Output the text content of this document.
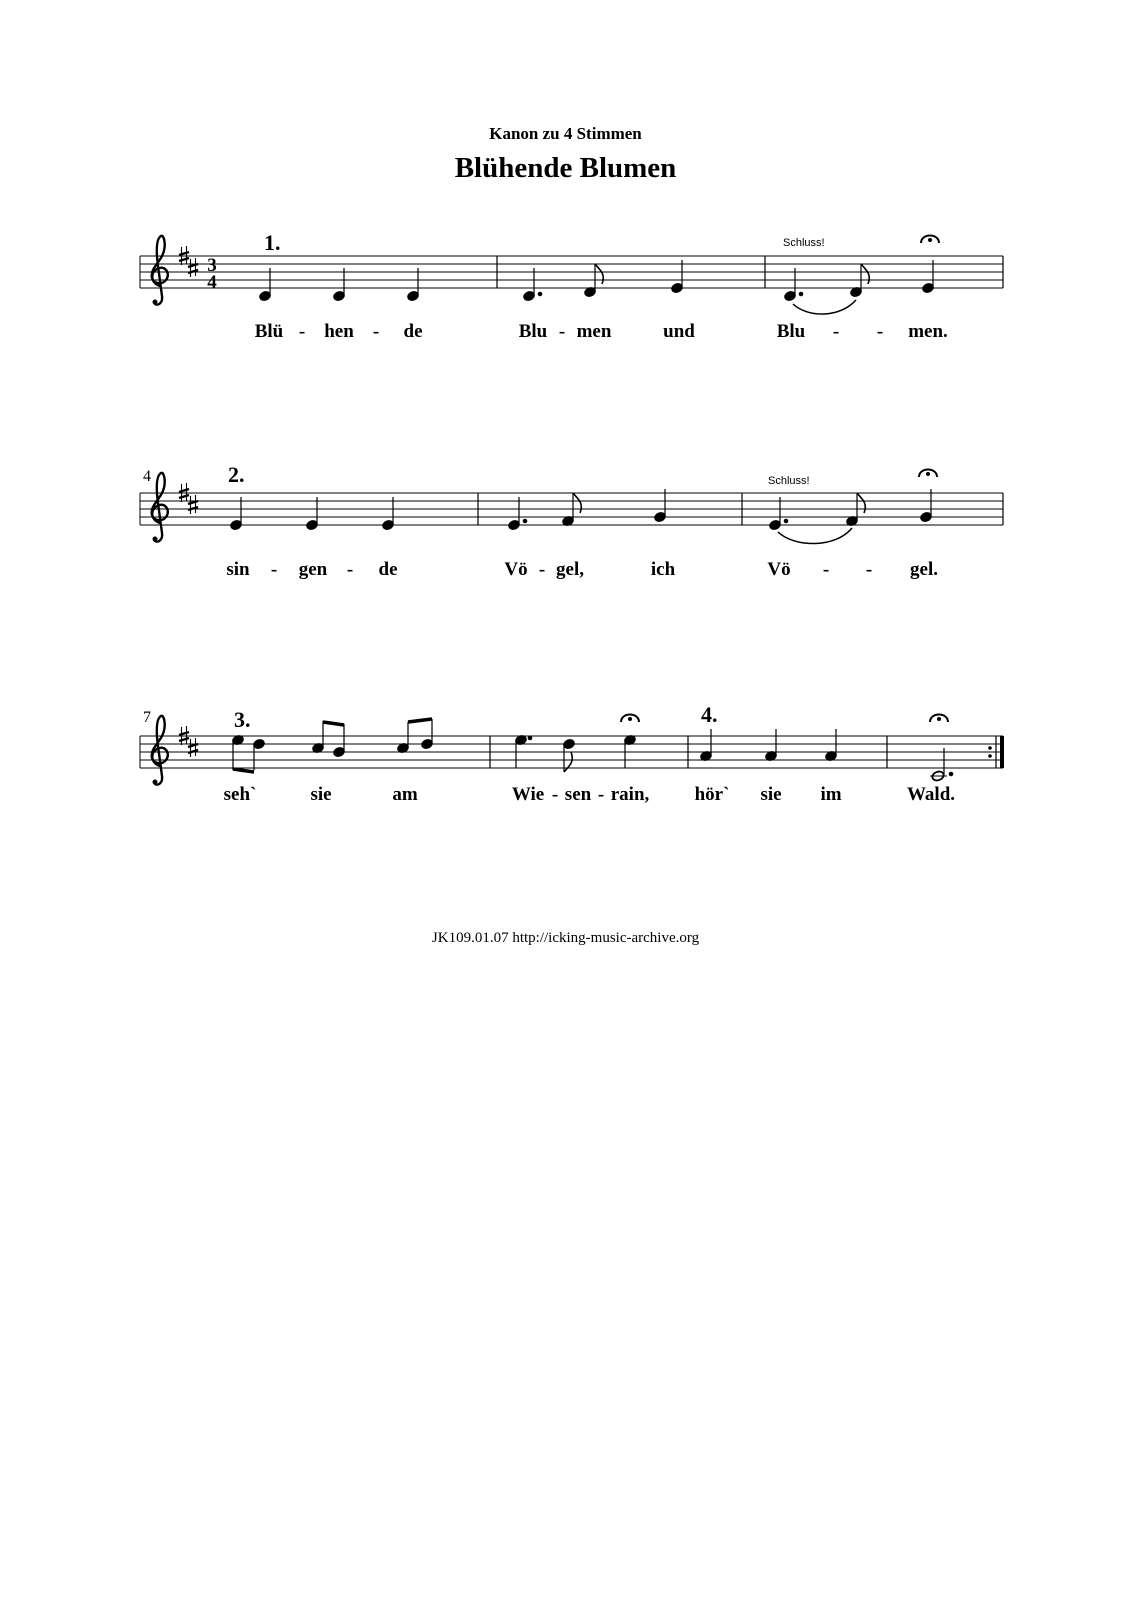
Kanon zu 4 Stimmen
Blühende Blumen
3
4
1.	Schluss!
Blü - hen - de	Blu - men	und	Blu - - men.
4	2.	Schluss!
sin - gen - de	Vö - gel,	ich	Vö - - gel.
7	3.	4.
seh`	sie	am	Wie - sen - rain, hör` sie im	Wald.
JK109.01.07 http://icking-music-archive.org
